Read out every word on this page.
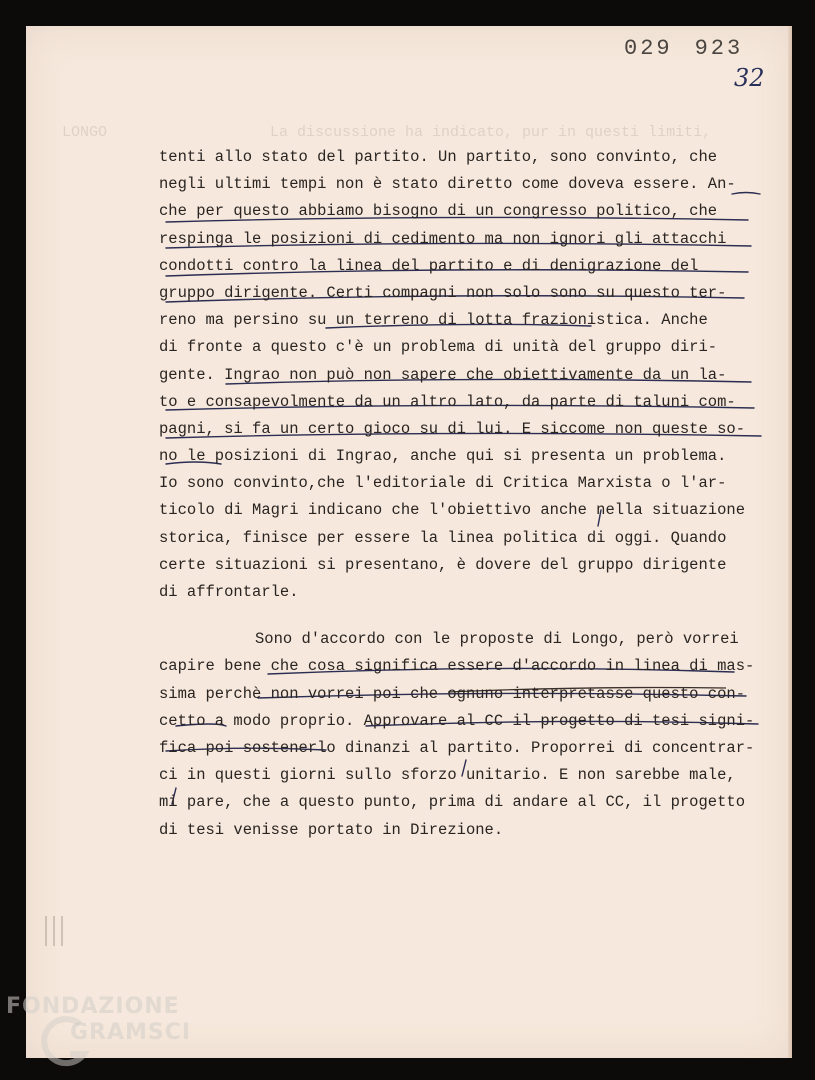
029 923
32
LONGO	La discussione ha indicato, pur in questi limiti,
tenti allo stato del partito. Un partito, sono convinto, che
negli ultimi tempi non è stato diretto come doveva essere. An-
che per questo abbiamo bisogno di un congresso politico, che
respinga le posizioni di cedimento ma non ignori gli attacchi
condotti contro la linea del partito e di denigrazione del
gruppo dirigente. Certi compagni non solo sono su questo ter-
reno ma persino su un terreno di lotta frazionistica. Anche
di fronte a questo c'è un problema di unità del gruppo diri-
gente. Ingrao non può non sapere che obiettivamente da un la-
to e consapevolmente da un altro lato, da parte di taluni com-
pagni, si fa un certo gioco su di lui. E siccome non queste so-
no le posizioni di Ingrao, anche qui si presenta un problema.
Io sono convinto,che l'editoriale di Critica Marxista o l'ar-
ticolo di Magri indicano che l'obiettivo anche nella situazione
storica, finisce per essere la linea politica di oggi. Quando
certe situazioni si presentano, è dovere del gruppo dirigente
di affrontarle.
Sono d'accordo con le proposte di Longo, però vorrei
capire bene che cosa significa essere d'accordo in linea di mas-
sima perchè non vorrei poi che ognuno interpretasse questo con-
cetto a modo proprio. Approvare al CC il progetto di tesi signi-
fica poi sostenerlo dinanzi al partito. Proporrei di concentrar-
ci in questi giorni sullo sforzo unitario. E non sarebbe male,
mi pare, che a questo punto, prima di andare al CC, il progetto
di tesi venisse portato in Direzione.
FONDAZIONE
GRAMSCI
